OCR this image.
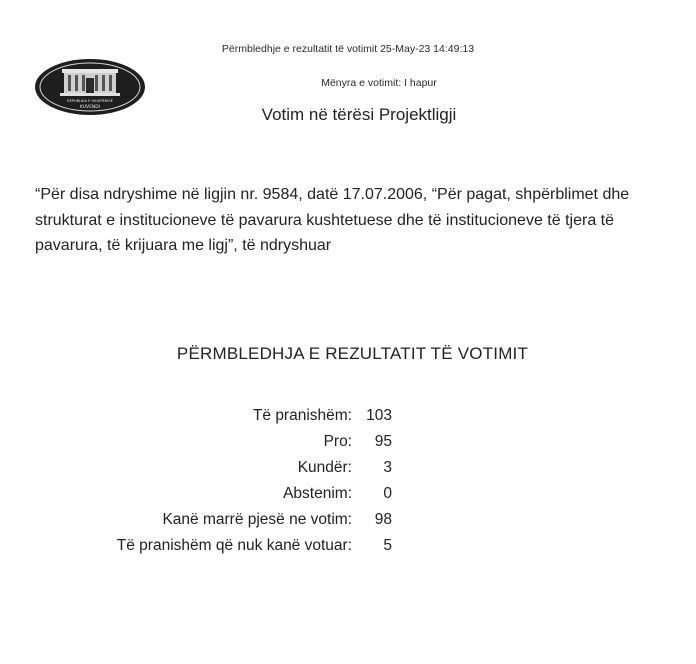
Përmbledhje e rezultatit të votimit 25-May-23 14:49:13
REPUBLIKA E SHQIPËRISË
KUVENDI
Mënyra e votimit: I hapur
Votim në tërësi Projektligji
“Për disa ndryshime në ligjin nr. 9584, datë 17.07.2006, “Për pagat, shpërblimet dhe strukturat e institucioneve të pavarura kushtetuese dhe të institucioneve të tjera të pavarura, të krijuara me ligj”, të ndryshuar
PËRMBLEDHJA E REZULTATIT TË VOTIMIT
Të pranishëm: 103
Pro:	95
Kundër:	3
Abstenim:	0
Kanë marrë pjesë ne votim:	98
Të pranishëm që nuk kanë votuar:	5
